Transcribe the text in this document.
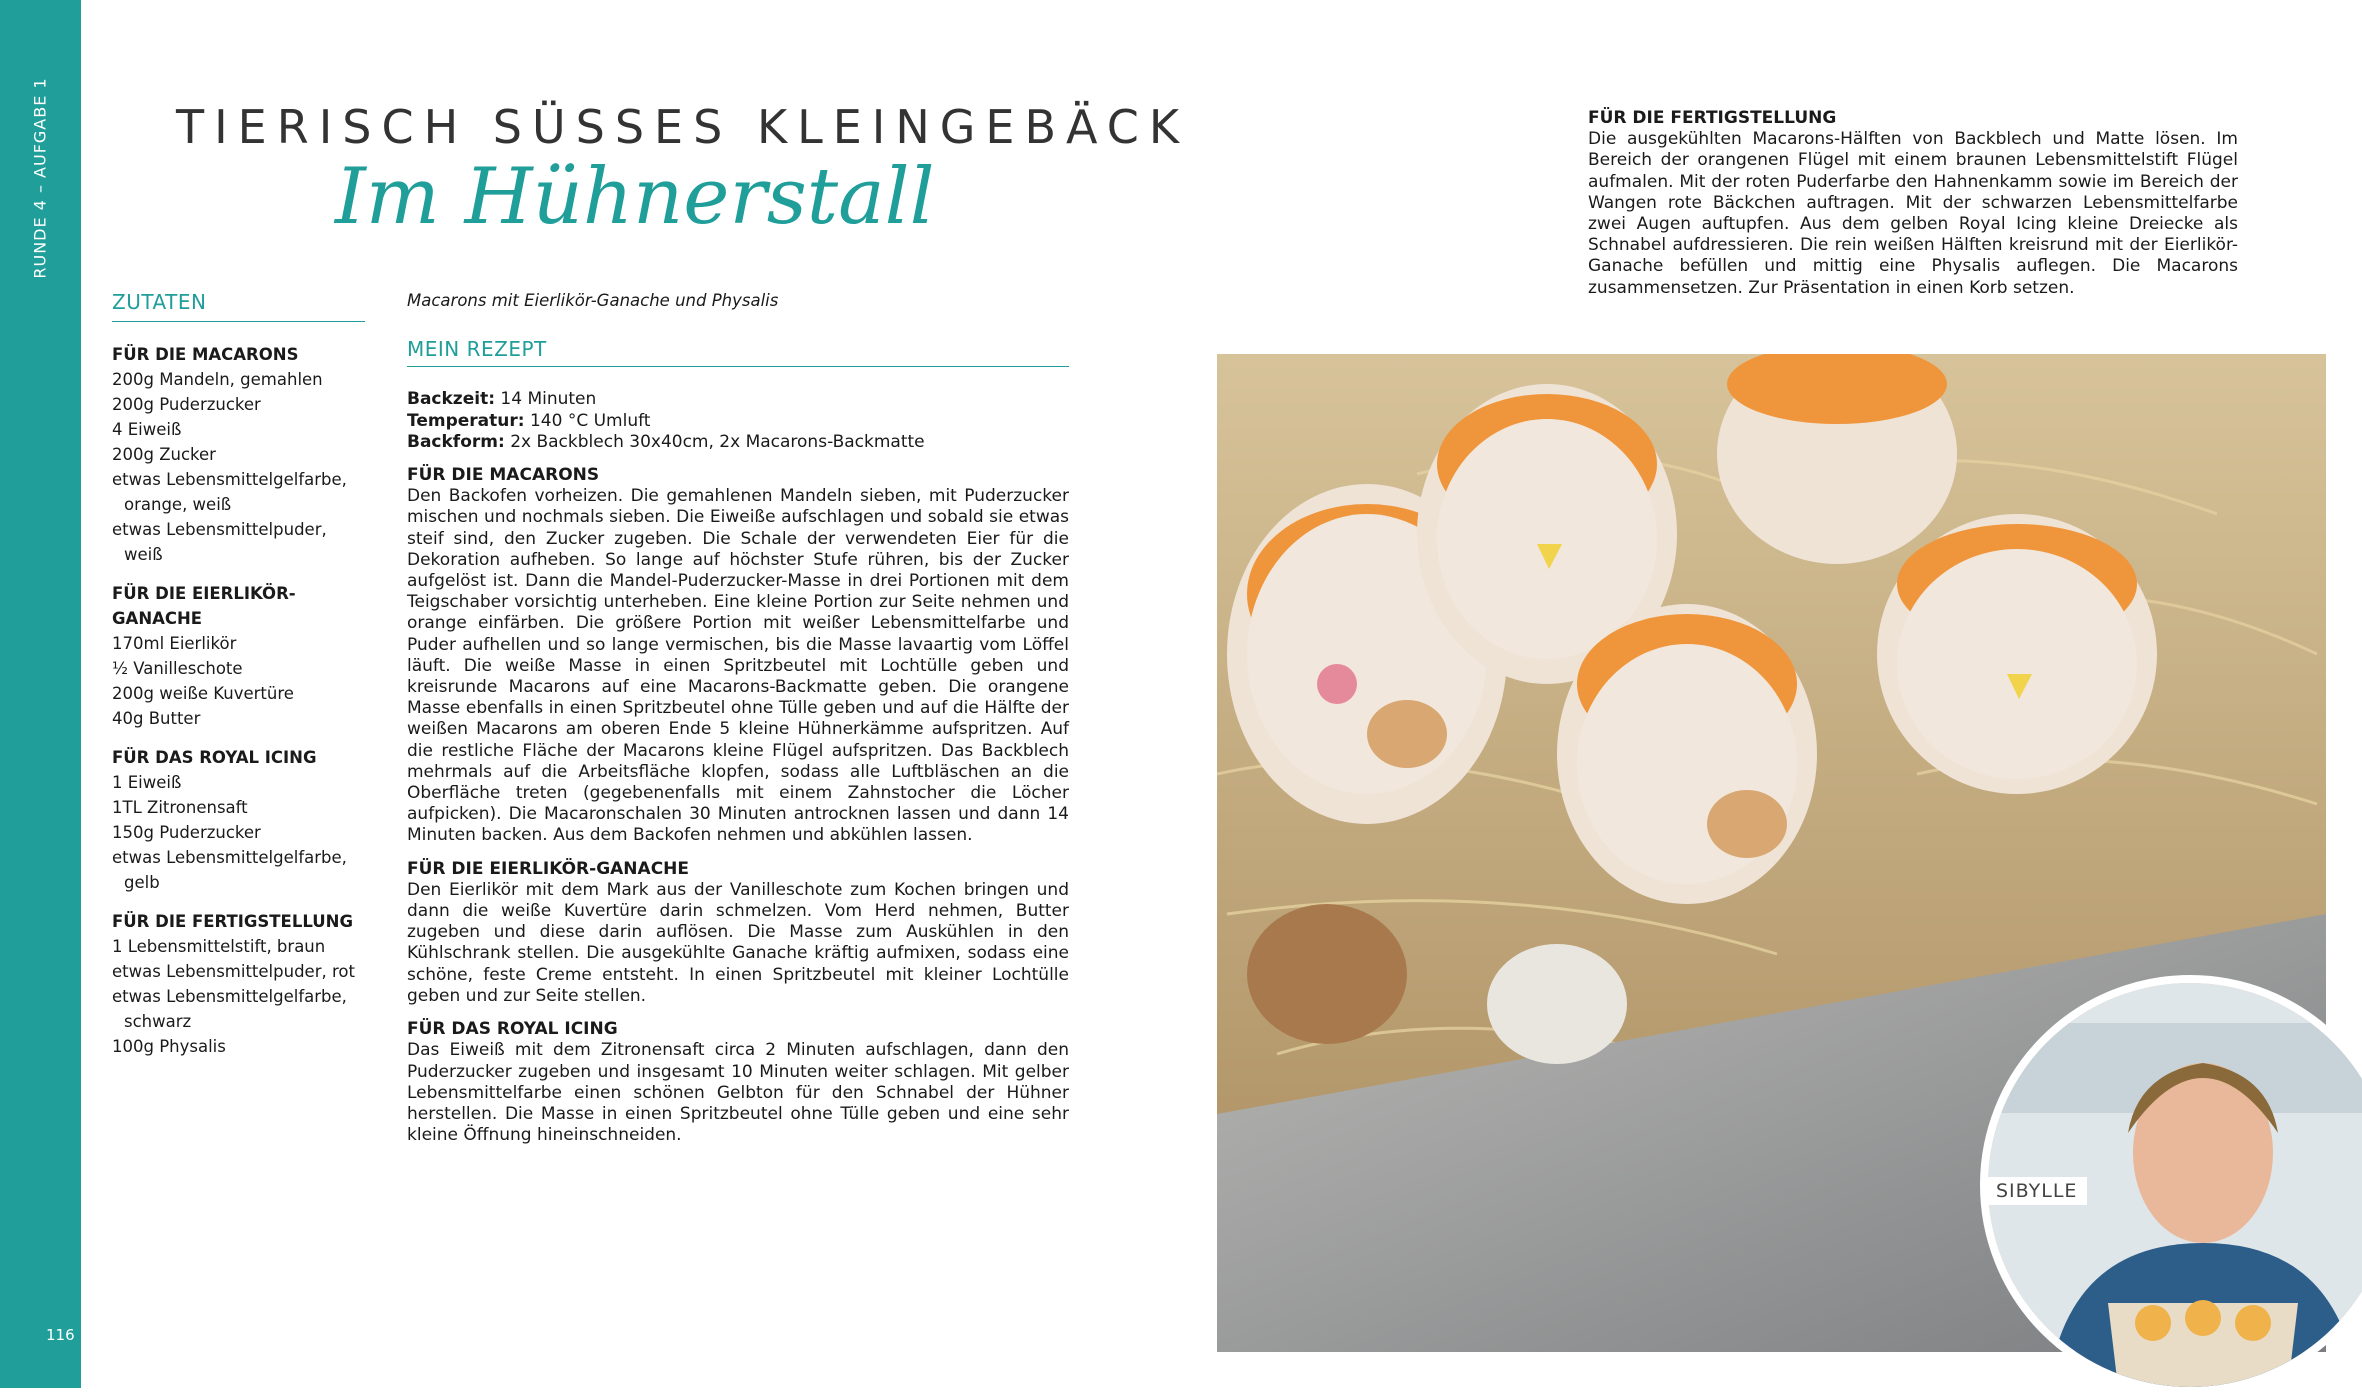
RUNDE 4 – AUFGABE 1
116
TIERISCH SÜSSES KLEINGEBÄCK
Im Hühnerstall
ZUTATEN
FÜR DIE MACARONS
200g Mandeln, gemahlen
200g Puderzucker
4 Eiweiß
200g Zucker
etwas Lebensmittelgelfarbe, orange, weiß
etwas Lebensmittelpuder, weiß
FÜR DIE EIERLIKÖR-GANACHE
170ml Eierlikör
½ Vanilleschote
200g weiße Kuvertüre
40g Butter
FÜR DAS ROYAL ICING
1 Eiweiß
1TL Zitronensaft
150g Puderzucker
etwas Lebensmittelgelfarbe, gelb
FÜR DIE FERTIGSTELLUNG
1 Lebensmittelstift, braun
etwas Lebensmittelpuder, rot
etwas Lebensmittelgelfarbe, schwarz
100g Physalis
Macarons mit Eierlikör-Ganache und Physalis
MEIN REZEPT
Backzeit: 14 Minuten
Temperatur: 140 °C Umluft
Backform: 2x Backblech 30x40cm, 2x Macarons-Backmatte
FÜR DIE MACARONS

Den Backofen vorheizen. Die gemahlenen Mandeln sieben, mit Puderzucker mischen und nochmals sieben. Die Eiweiße aufschlagen und sobald sie etwas steif sind, den Zucker zugeben. Die Schale der verwendeten Eier für die Dekoration aufheben. So lange auf höchster Stufe rühren, bis der Zucker aufgelöst ist. Dann die Mandel-Puderzucker-Masse in drei Portionen mit dem Teigschaber vorsichtig unterheben. Eine kleine Portion zur Seite nehmen und orange einfärben. Die größere Portion mit weißer Lebensmittelfarbe und Puder aufhellen und so lange vermischen, bis die Masse lavaartig vom Löffel läuft. Die weiße Masse in einen Spritzbeutel mit Lochtülle geben und kreisrunde Macarons auf eine Macarons-Backmatte geben. Die orangene Masse ebenfalls in einen Spritzbeutel ohne Tülle geben und auf die Hälfte der weißen Macarons am oberen Ende 5 kleine Hühnerkämme aufspritzen. Auf die restliche Fläche der Macarons kleine Flügel aufspritzen. Das Backblech mehrmals auf die Arbeitsfläche klopfen, sodass alle Luftbläschen an die Oberfläche treten (gegebenenfalls mit einem Zahnstocher die Löcher aufpicken). Die Macaronschalen 30 Minuten antrocknen lassen und dann 14 Minuten backen. Aus dem Backofen nehmen und abkühlen lassen.

FÜR DIE EIERLIKÖR-GANACHE

Den Eierlikör mit dem Mark aus der Vanilleschote zum Kochen bringen und dann die weiße Kuvertüre darin schmelzen. Vom Herd nehmen, Butter zugeben und diese darin auflösen. Die Masse zum Auskühlen in den Kühlschrank stellen. Die ausgekühlte Ganache kräftig aufmixen, sodass eine schöne, feste Creme entsteht. In einen Spritzbeutel mit kleiner Lochtülle geben und zur Seite stellen.

FÜR DAS ROYAL ICING

Das Eiweiß mit dem Zitronensaft circa 2 Minuten aufschlagen, dann den Puderzucker zugeben und insgesamt 10 Minuten weiter schlagen. Mit gelber Lebensmittelfarbe einen schönen Gelbton für den Schnabel der Hühner herstellen. Die Masse in einen Spritzbeutel ohne Tülle geben und eine sehr kleine Öffnung hineinschneiden.

FÜR DIE FERTIGSTELLUNG

Die ausgekühlten Macarons-Hälften von Backblech und Matte lösen. Im Bereich der orangenen Flügel mit einem braunen Lebensmittelstift Flügel aufmalen. Mit der roten Puderfarbe den Hahnenkamm sowie im Bereich der Wangen rote Bäckchen auftragen. Mit der schwarzen Lebensmittelfarbe zwei Augen auftupfen. Aus dem gelben Royal Icing kleine Dreiecke als Schnabel aufdressieren. Die rein weißen Hälften kreisrund mit der Eierlikör-Ganache befüllen und mittig eine Physalis auflegen. Die Macarons zusammensetzen. Zur Präsentation in einen Korb setzen.

SIBYLLE
